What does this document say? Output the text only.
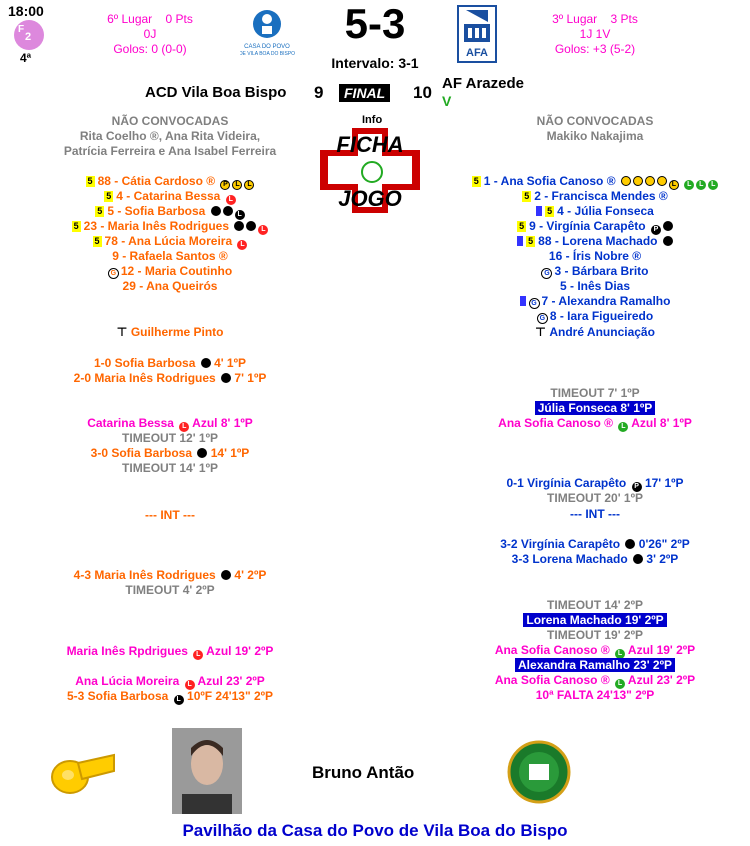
18:00
F
2
4ª
6º Lugar 0 Pts
0J
Golos: 0 (0-0)	CASA DO POVO
DE VILA BOA DO BISPO
5-3
Intervalo: 3-1
AFA
3º Lugar 3 Pts
1J 1V
Golos: +3 (5-2)
ACD Vila Boa Bispo 9	FINAL 10 AF Arazede
V
Info
FICHA
JOGO
NÃO CONVOCADAS
Rita Coelho ®, Ana Rita Videira, Patrícia Ferreira e Ana Isabel Ferreira
NÃO CONVOCADAS
Makiko Nakajima
5 88 - Cátia Cardoso ® P L L
5 4 - Catarina Bessa L
5 5 - Sofia Barbosa	L
5 23 - Maria Inês Rodrigues	L
5 78 - Ana Lúcia Moreira L
9 - Rafaela Santos ®
G 12 - Maria Coutinho
29 - Ana Queirós
⊤ Guilherme Pinto
5 1 - Ana Sofia Canoso ®	L L L L
5 2 - Francisca Mendes ®
5 4 - Júlia Fonseca
5 9 - Virgínia Carapêto P
5 88 - Lorena Machado
16 - Íris Nobre ®
G 3 - Bárbara Brito
5 - Inês Dias
G 7 - Alexandra Ramalho
G 8 - Iara Figueiredo
⊤ André Anunciação
1-0 Sofia Barbosa 4' 1ºP
2-0 Maria Inês Rodrigues 7' 1ºP
Catarina Bessa L Azul 8' 1ºP
TIMEOUT 12' 1ºP
3-0 Sofia Barbosa 14' 1ºP
TIMEOUT 14' 1ºP
--- INT ---
4-3 Maria Inês Rodrigues 4' 2ºP
TIMEOUT 4' 2ºP
Maria Inês Rpdrigues L Azul 19' 2ºP
Ana Lúcia Moreira L Azul 23' 2ºP
5-3 Sofia Barbosa L 10ºF 24'13" 2ºP
TIMEOUT 7' 1ºP
Júlia Fonseca 8' 1ºP
Ana Sofia Canoso ® L Azul 8' 1ºP
0-1 Virgínia Carapêto P 17' 1ºP
TIMEOUT 20' 1ºP
--- INT ---
3-2 Virgínia Carapêto 0'26" 2ºP
3-3 Lorena Machado 3' 2ºP
TIMEOUT 14' 2ºP
Lorena Machado 19' 2ºP
TIMEOUT 19' 2ºP
Ana Sofia Canoso ® L Azul 19' 2ºP
Alexandra Ramalho 23' 2ºP
Ana Sofia Canoso ® L Azul 23' 2ºP
10ª FALTA 24'13" 2ºP
Bruno Antão
Pavilhão da Casa do Povo de Vila Boa do Bispo
